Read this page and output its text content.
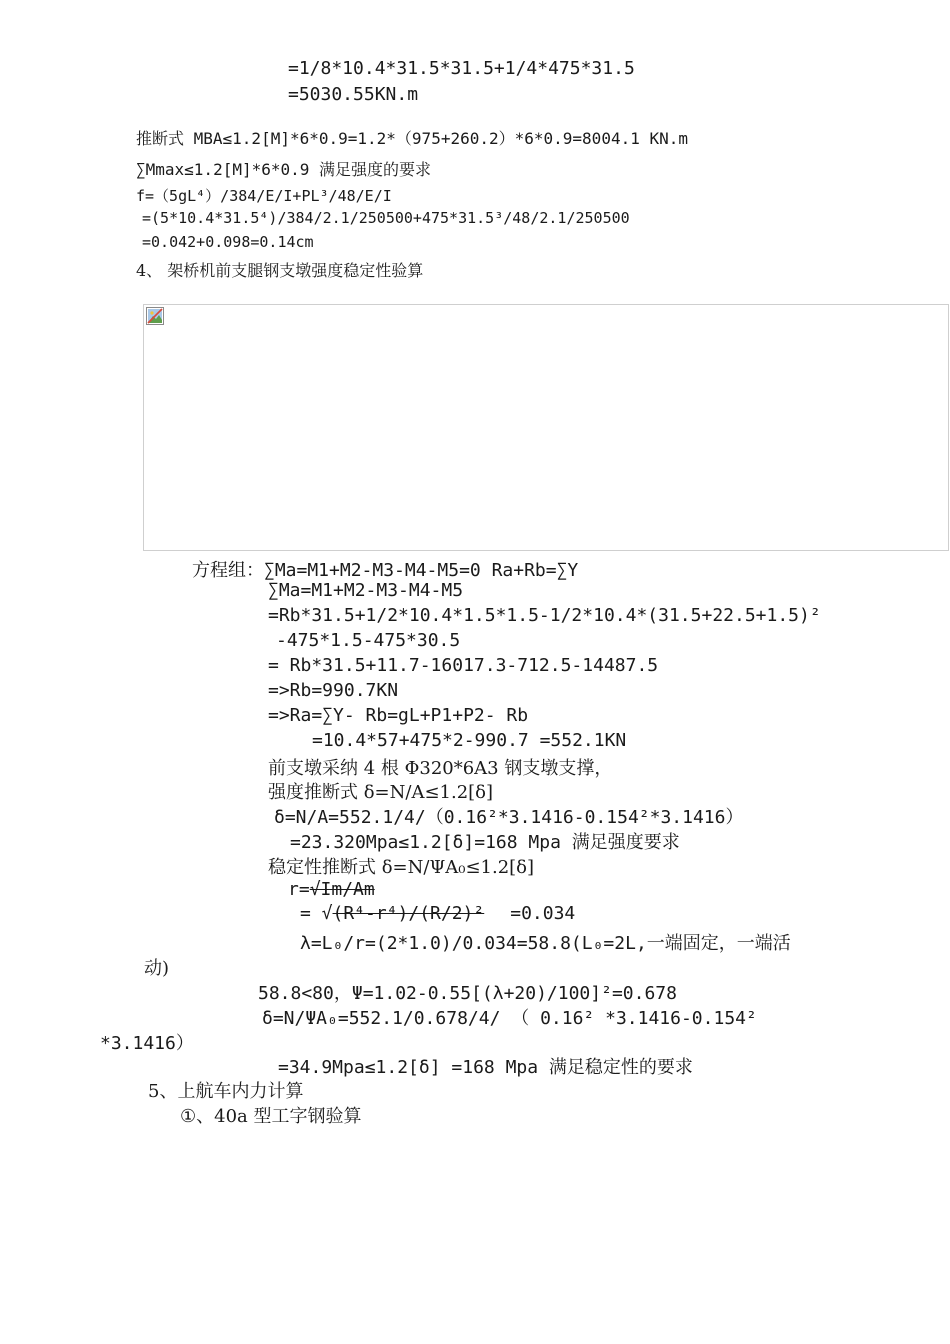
=1/8*10.4*31.5*31.5+1/4*475*31.5
=5030.55KN.m
推断式 MBA≤1.2[M]*6*0.9=1.2*（975+260.2）*6*0.9=8004.1 KN.m
∑Mmax≤1.2[M]*6*0.9 满足强度的要求
f=（5gL⁴）/384/E/I+PL³/48/E/I
=(5*10.4*31.5⁴)/384/2.1/250500+475*31.5³/48/2.1/250500
=0.042+0.098=0.14cm
4、 架桥机前支腿钢支墩强度稳定性验算
方程组：∑Ma=M1+M2-M3-M4-M5=0 Ra+Rb=∑Y
∑Ma=M1+M2-M3-M4-M5
=Rb*31.5+1/2*10.4*1.5*1.5-1/2*10.4*(31.5+22.5+1.5)²
-475*1.5-475*30.5
= Rb*31.5+11.7-16017.3-712.5-14487.5
=>Rb=990.7KN
=>Ra=∑Y- Rb=gL+P1+P2- Rb
=10.4*57+475*2-990.7 =552.1KN
前支墩采纳 4 根 Φ320*6A3 钢支墩支撑，
强度推断式 δ=N/A≤1.2[δ]
δ=N/A=552.1/4/（0.16²*3.1416-0.154²*3.1416）
=23.320Mpa≤1.2[δ]=168 Mpa 满足强度要求
稳定性推断式 δ=N/ΨA₀≤1.2[δ]
r=√Im/Am
= √(R⁴-r⁴)/(R/2)² =0.034
λ=L₀/r=(2*1.0)/0.034=58.8(L₀=2L,一端固定，一端活
动)
58.8<80，Ψ=1.02-0.55[(λ+20)/100]²=0.678
δ=N/ΨA₀=552.1/0.678/4/ （ 0.16² *3.1416-0.154²
*3.1416）
=34.9Mpa≤1.2[δ] =168 Mpa 满足稳定性的要求
5、上航车内力计算
①、40a 型工字钢验算
